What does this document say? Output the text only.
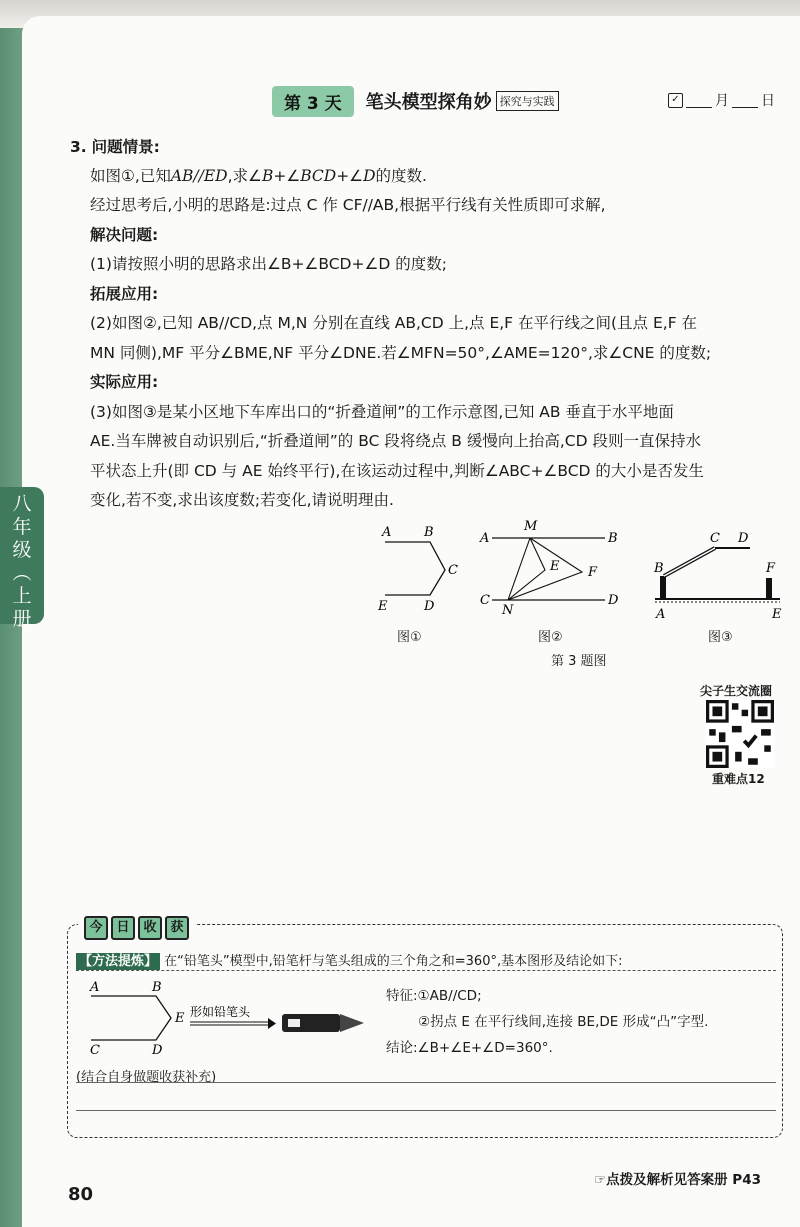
八
年
级
︵
上
册
第 3 天	笔头模型探角妙 探究与实践	✓	月 日
3. 问题情景:
如图①,已知AB//ED,求∠B+∠BCD+∠D的度数.
经过思考后,小明的思路是:过点 C 作 CF//AB,根据平行线有关性质即可求解,
解决问题:
(1)请按照小明的思路求出∠B+∠BCD+∠D 的度数;
拓展应用:
(2)如图②,已知 AB//CD,点 M,N 分别在直线 AB,CD 上,点 E,F 在平行线之间(且点 E,F 在
MN 同侧),MF 平分∠BME,NF 平分∠DNE.若∠MFN=50°,∠AME=120°,求∠CNE 的度数;
实际应用:
(3)如图③是某小区地下车库出口的“折叠道闸”的工作示意图,已知 AB 垂直于水平地面
AE.当车牌被自动识别后,“折叠道闸”的 BC 段将绕点 B 缓慢向上抬高,CD 段则一直保持水
平状态上升(即 CD 与 AE 始终平行),在该运动过程中,判断∠ABC+∠BCD 的大小是否发生
变化,若不变,求出该度数;若变化,请说明理由.
A	B
C
E	D
A	B
M
E F
C
N
D
B
C D
F
A	E
图①	图②	图③
第 3 题图
尖子生交流圈
重难点12
今	日	收	获
【方法提炼】 在“铅笔头”模型中,铅笔杆与笔头组成的三个角之和=360°,基本图形及结论如下:
A	B
E
C	D
形如铅笔头
特征:①AB//CD;
②拐点 E 在平行线间,连接 BE,DE 形成“凸”字型.
结论:∠B+∠E+∠D=360°.
(结合自身做题收获补充)
☞点拨及解析见答案册 P43
80
